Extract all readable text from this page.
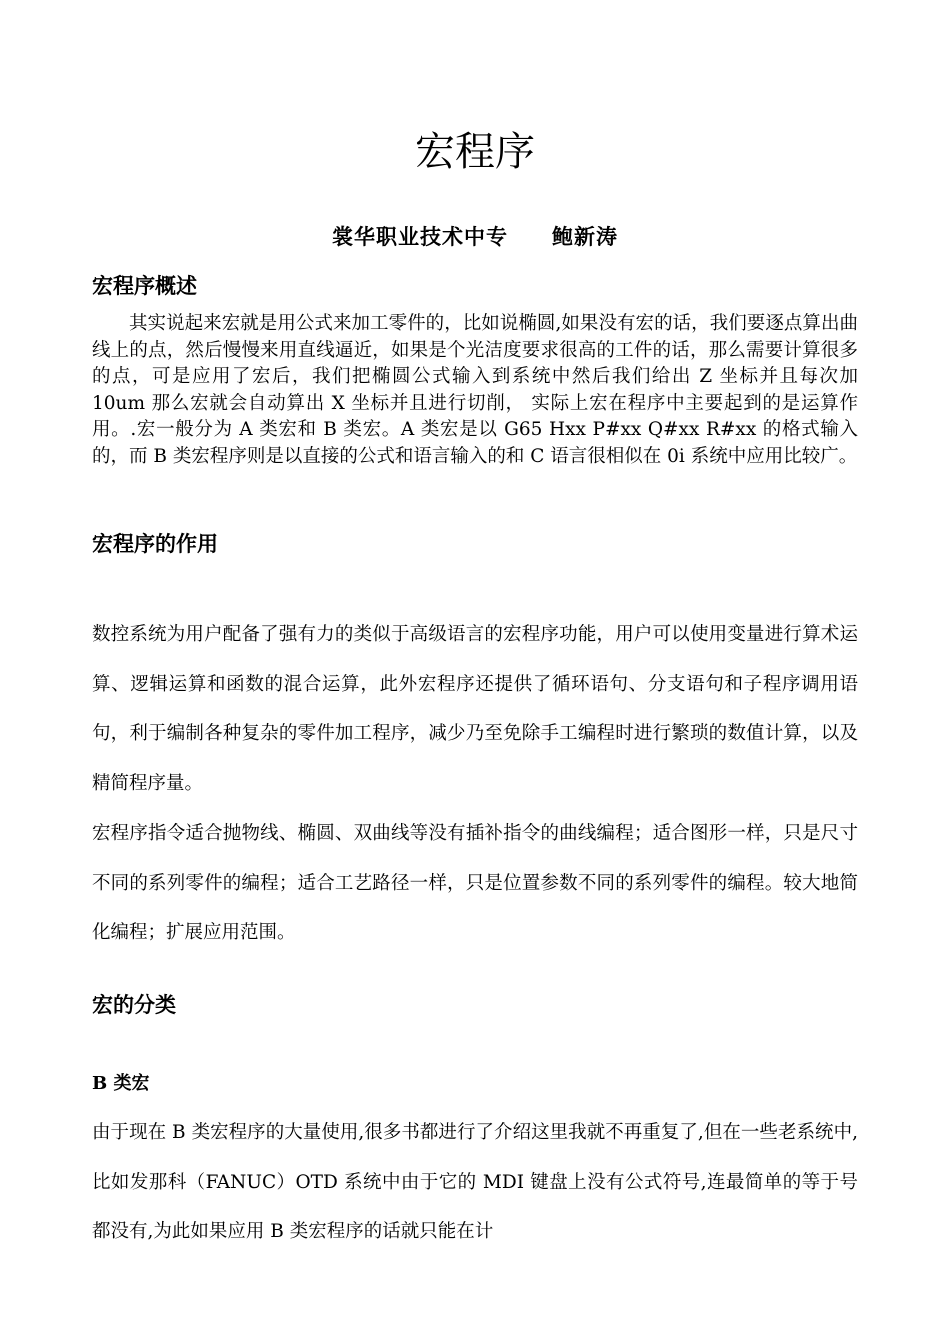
宏程序
裳华职业技术中专 鲍新涛
宏程序概述

其实说起来宏就是用公式来加工零件的，比如说椭圆,如果没有宏的话，我们要逐点算出曲线上的点，然后慢慢来用直线逼近，如果是个光洁度要求很高的工件的话，那么需要计算很多的点，可是应用了宏后，我们把椭圆公式输入到系统中然后我们给出 Z 坐标并且每次加 10um 那么宏就会自动算出 X 坐标并且进行切削， 实际上宏在程序中主要起到的是运算作用。.宏一般分为 A 类宏和 B 类宏。A 类宏是以 G65 Hxx P#xx Q#xx R#xx 的格式输入的，而 B 类宏程序则是以直接的公式和语言输入的和 C 语言很相似在 0i 系统中应用比较广。

宏程序的作用

数控系统为用户配备了强有力的类似于高级语言的宏程序功能，用户可以使用变量进行算术运算、逻辑运算和函数的混合运算，此外宏程序还提供了循环语句、分支语句和子程序调用语句，利于编制各种复杂的零件加工程序，减少乃至免除手工编程时进行繁琐的数值计算，以及精简程序量。

宏程序指令适合抛物线、椭圆、双曲线等没有插补指令的曲线编程；适合图形一样，只是尺寸不同的系列零件的编程；适合工艺路径一样，只是位置参数不同的系列零件的编程。较大地简化编程；扩展应用范围。

宏的分类
B 类宏

由于现在 B 类宏程序的大量使用,很多书都进行了介绍这里我就不再重复了,但在一些老系统中,比如发那科（FANUC）OTD 系统中由于它的 MDI 键盘上没有公式符号,连最简单的等于号都没有,为此如果应用 B 类宏程序的话就只能在计
